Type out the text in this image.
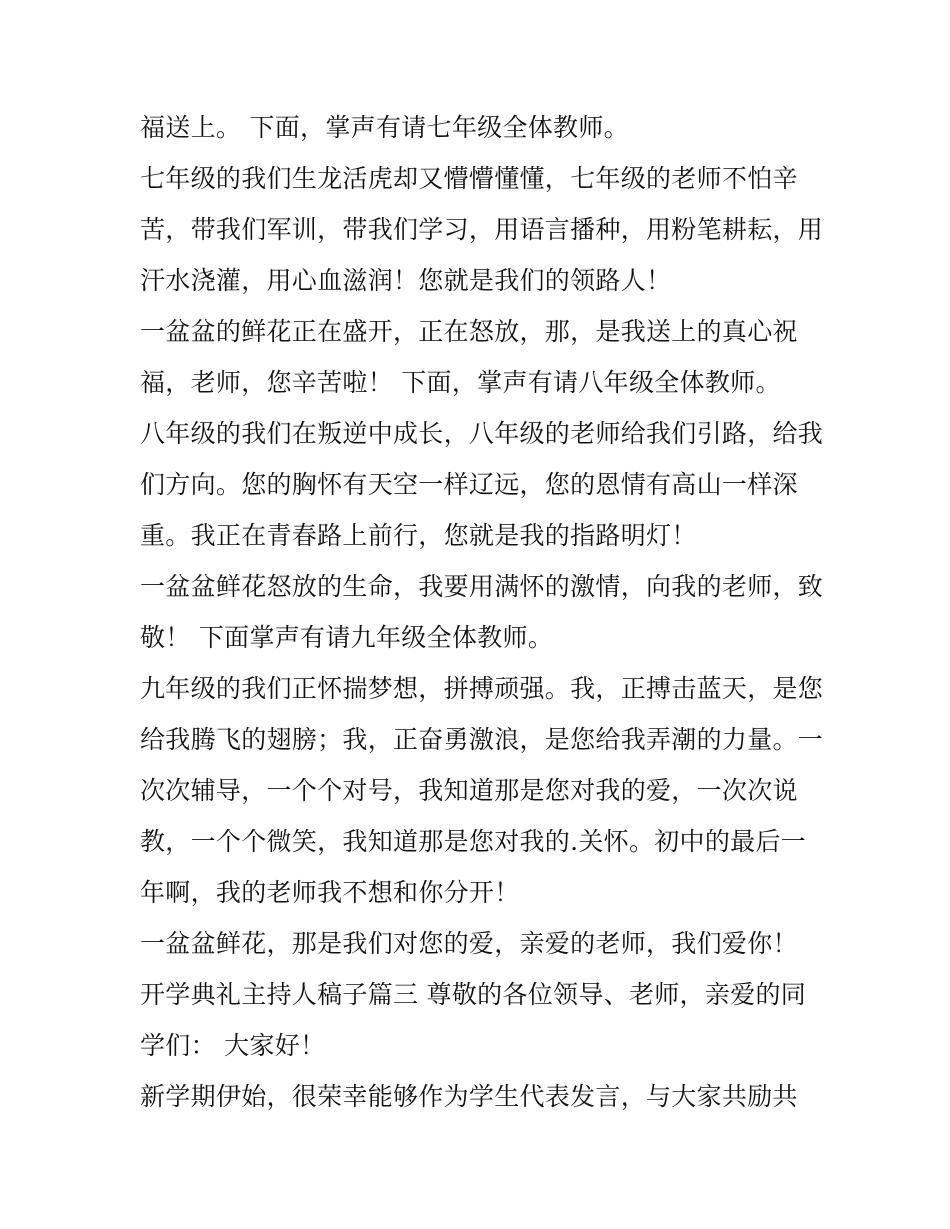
福送上。 下面，掌声有请七年级全体教师。
七年级的我们生龙活虎却又懵懵懂懂，七年级的老师不怕辛
苦，带我们军训，带我们学习，用语言播种，用粉笔耕耘，用
汗水浇灌，用心血滋润！您就是我们的领路人！
一盆盆的鲜花正在盛开，正在怒放，那，是我送上的真心祝
福，老师，您辛苦啦！ 下面，掌声有请八年级全体教师。
八年级的我们在叛逆中成长，八年级的老师给我们引路，给我
们方向。您的胸怀有天空一样辽远，您的恩情有高山一样深
重。我正在青春路上前行，您就是我的指路明灯！
一盆盆鲜花怒放的生命，我要用满怀的激情，向我的老师，致
敬！ 下面掌声有请九年级全体教师。
九年级的我们正怀揣梦想，拼搏顽强。我，正搏击蓝天，是您
给我腾飞的翅膀；我，正奋勇激浪，是您给我弄潮的力量。一
次次辅导，一个个对号，我知道那是您对我的爱，一次次说
教，一个个微笑，我知道那是您对我的.关怀。初中的最后一
年啊，我的老师我不想和你分开！
一盆盆鲜花，那是我们对您的爱，亲爱的老师，我们爱你！
开学典礼主持人稿子篇三 尊敬的各位领导、老师，亲爱的同
学们： 大家好！
新学期伊始，很荣幸能够作为学生代表发言，与大家共励共
